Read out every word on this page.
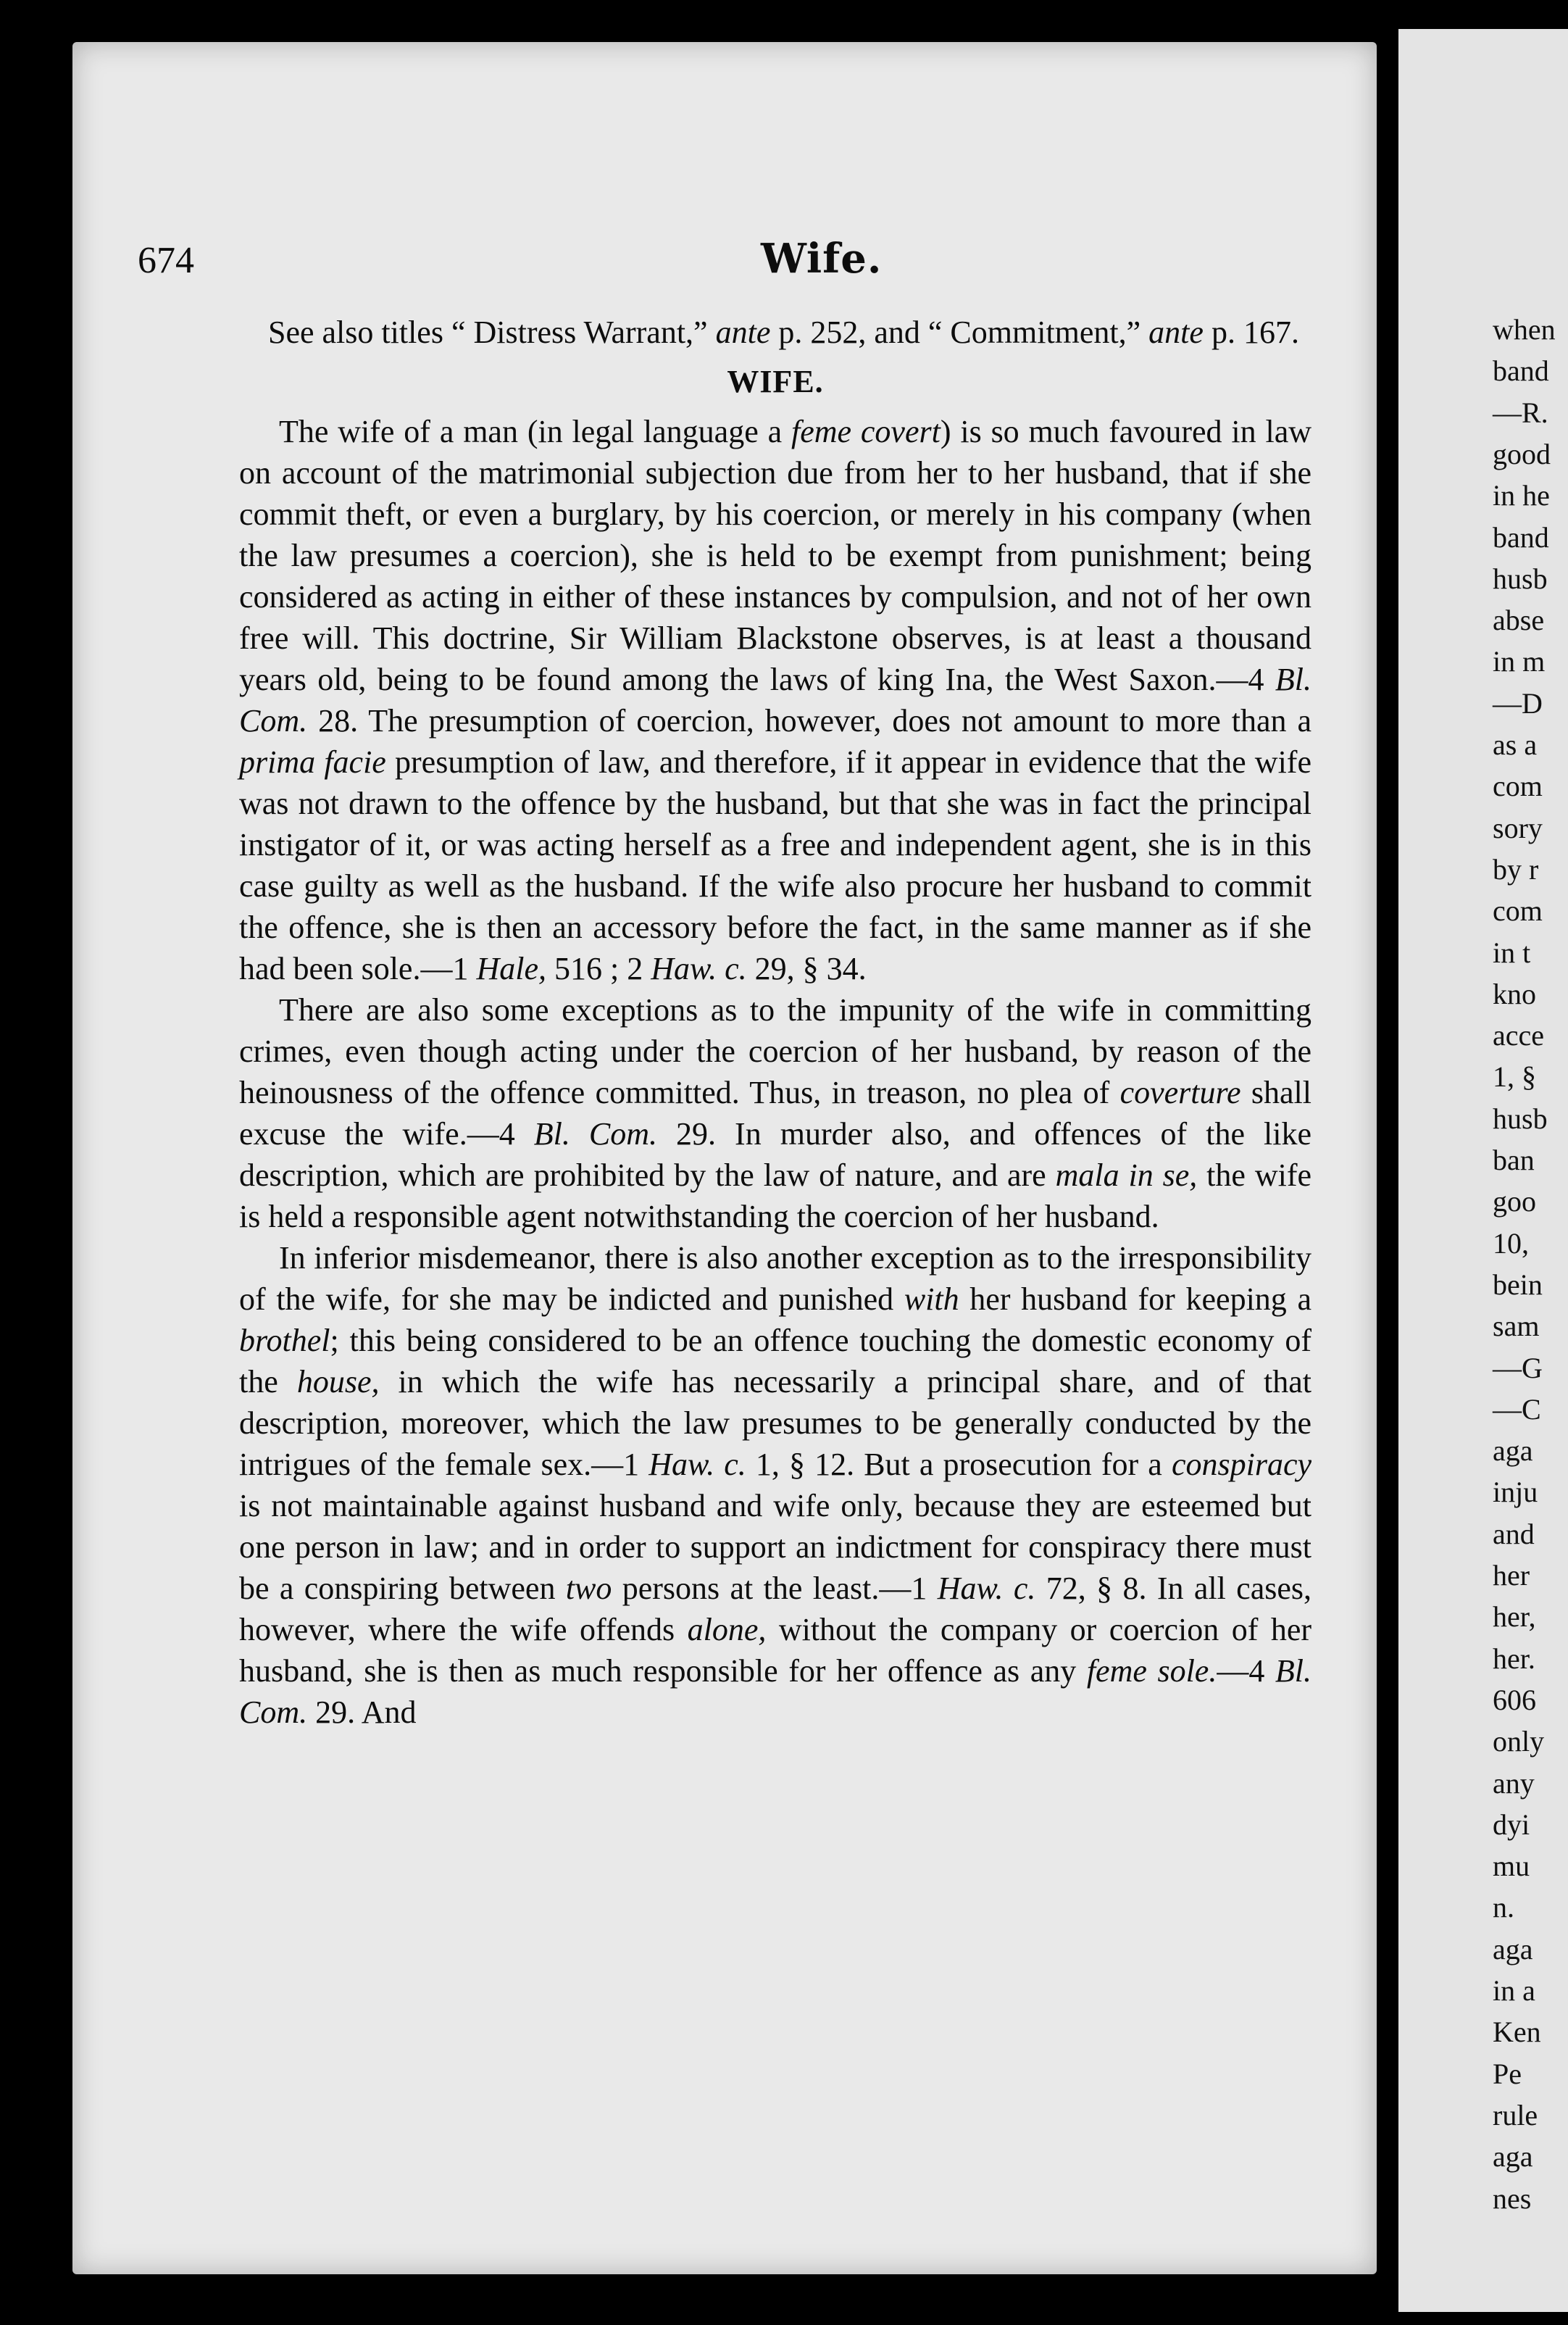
when
band
—R.
good
in he
band
husb
abse
in m
—D
as a
com
sory
by r
com
in t
kno
acce
1, §
husb
ban
goo
10,
bein
sam
—G
—C
aga
inju
and
her
her,
her.
606
only
any
dyi
mu
n.
aga
in a
Ken
Pe
rule
aga
nes
674	Wife.

See also titles “ Distress Warrant,” ante p. 252, and “ Commitment,” ante p. 167.

WIFE.

The wife of a man (in legal language a feme covert) is so much favoured in law on account of the matrimonial subjection due from her to her husband, that if she commit theft, or even a burglary, by his coercion, or merely in his company (when the law presumes a coercion), she is held to be exempt from punishment; being considered as acting in either of these instances by compulsion, and not of her own free will. This doctrine, Sir William Blackstone observes, is at least a thousand years old, being to be found among the laws of king Ina, the West Saxon.—4 Bl. Com. 28. The presumption of coercion, however, does not amount to more than a prima facie presumption of law, and therefore, if it appear in evidence that the wife was not drawn to the offence by the husband, but that she was in fact the principal instigator of it, or was acting herself as a free and independent agent, she is in this case guilty as well as the husband. If the wife also procure her husband to commit the offence, she is then an accessory before the fact, in the same manner as if she had been sole.—1 Hale, 516 ; 2 Haw. c. 29, § 34.

There are also some exceptions as to the impunity of the wife in committing crimes, even though acting under the coercion of her husband, by reason of the heinousness of the offence committed. Thus, in treason, no plea of coverture shall excuse the wife.—4 Bl. Com. 29. In murder also, and offences of the like description, which are prohibited by the law of nature, and are mala in se, the wife is held a responsible agent notwithstanding the coercion of her husband.

In inferior misdemeanor, there is also another exception as to the irresponsibility of the wife, for she may be indicted and punished with her husband for keeping a brothel; this being considered to be an offence touching the domestic economy of the house, in which the wife has necessarily a principal share, and of that description, moreover, which the law presumes to be generally conducted by the intrigues of the female sex.—1 Haw. c. 1, § 12. But a prosecution for a conspiracy is not maintainable against husband and wife only, because they are esteemed but one person in law; and in order to support an indictment for conspiracy there must be a conspiring between two persons at the least.—1 Haw. c. 72, § 8. In all cases, however, where the wife offends alone, without the company or coercion of her husband, she is then as much responsible for her offence as any feme sole.—4 Bl. Com. 29. And
